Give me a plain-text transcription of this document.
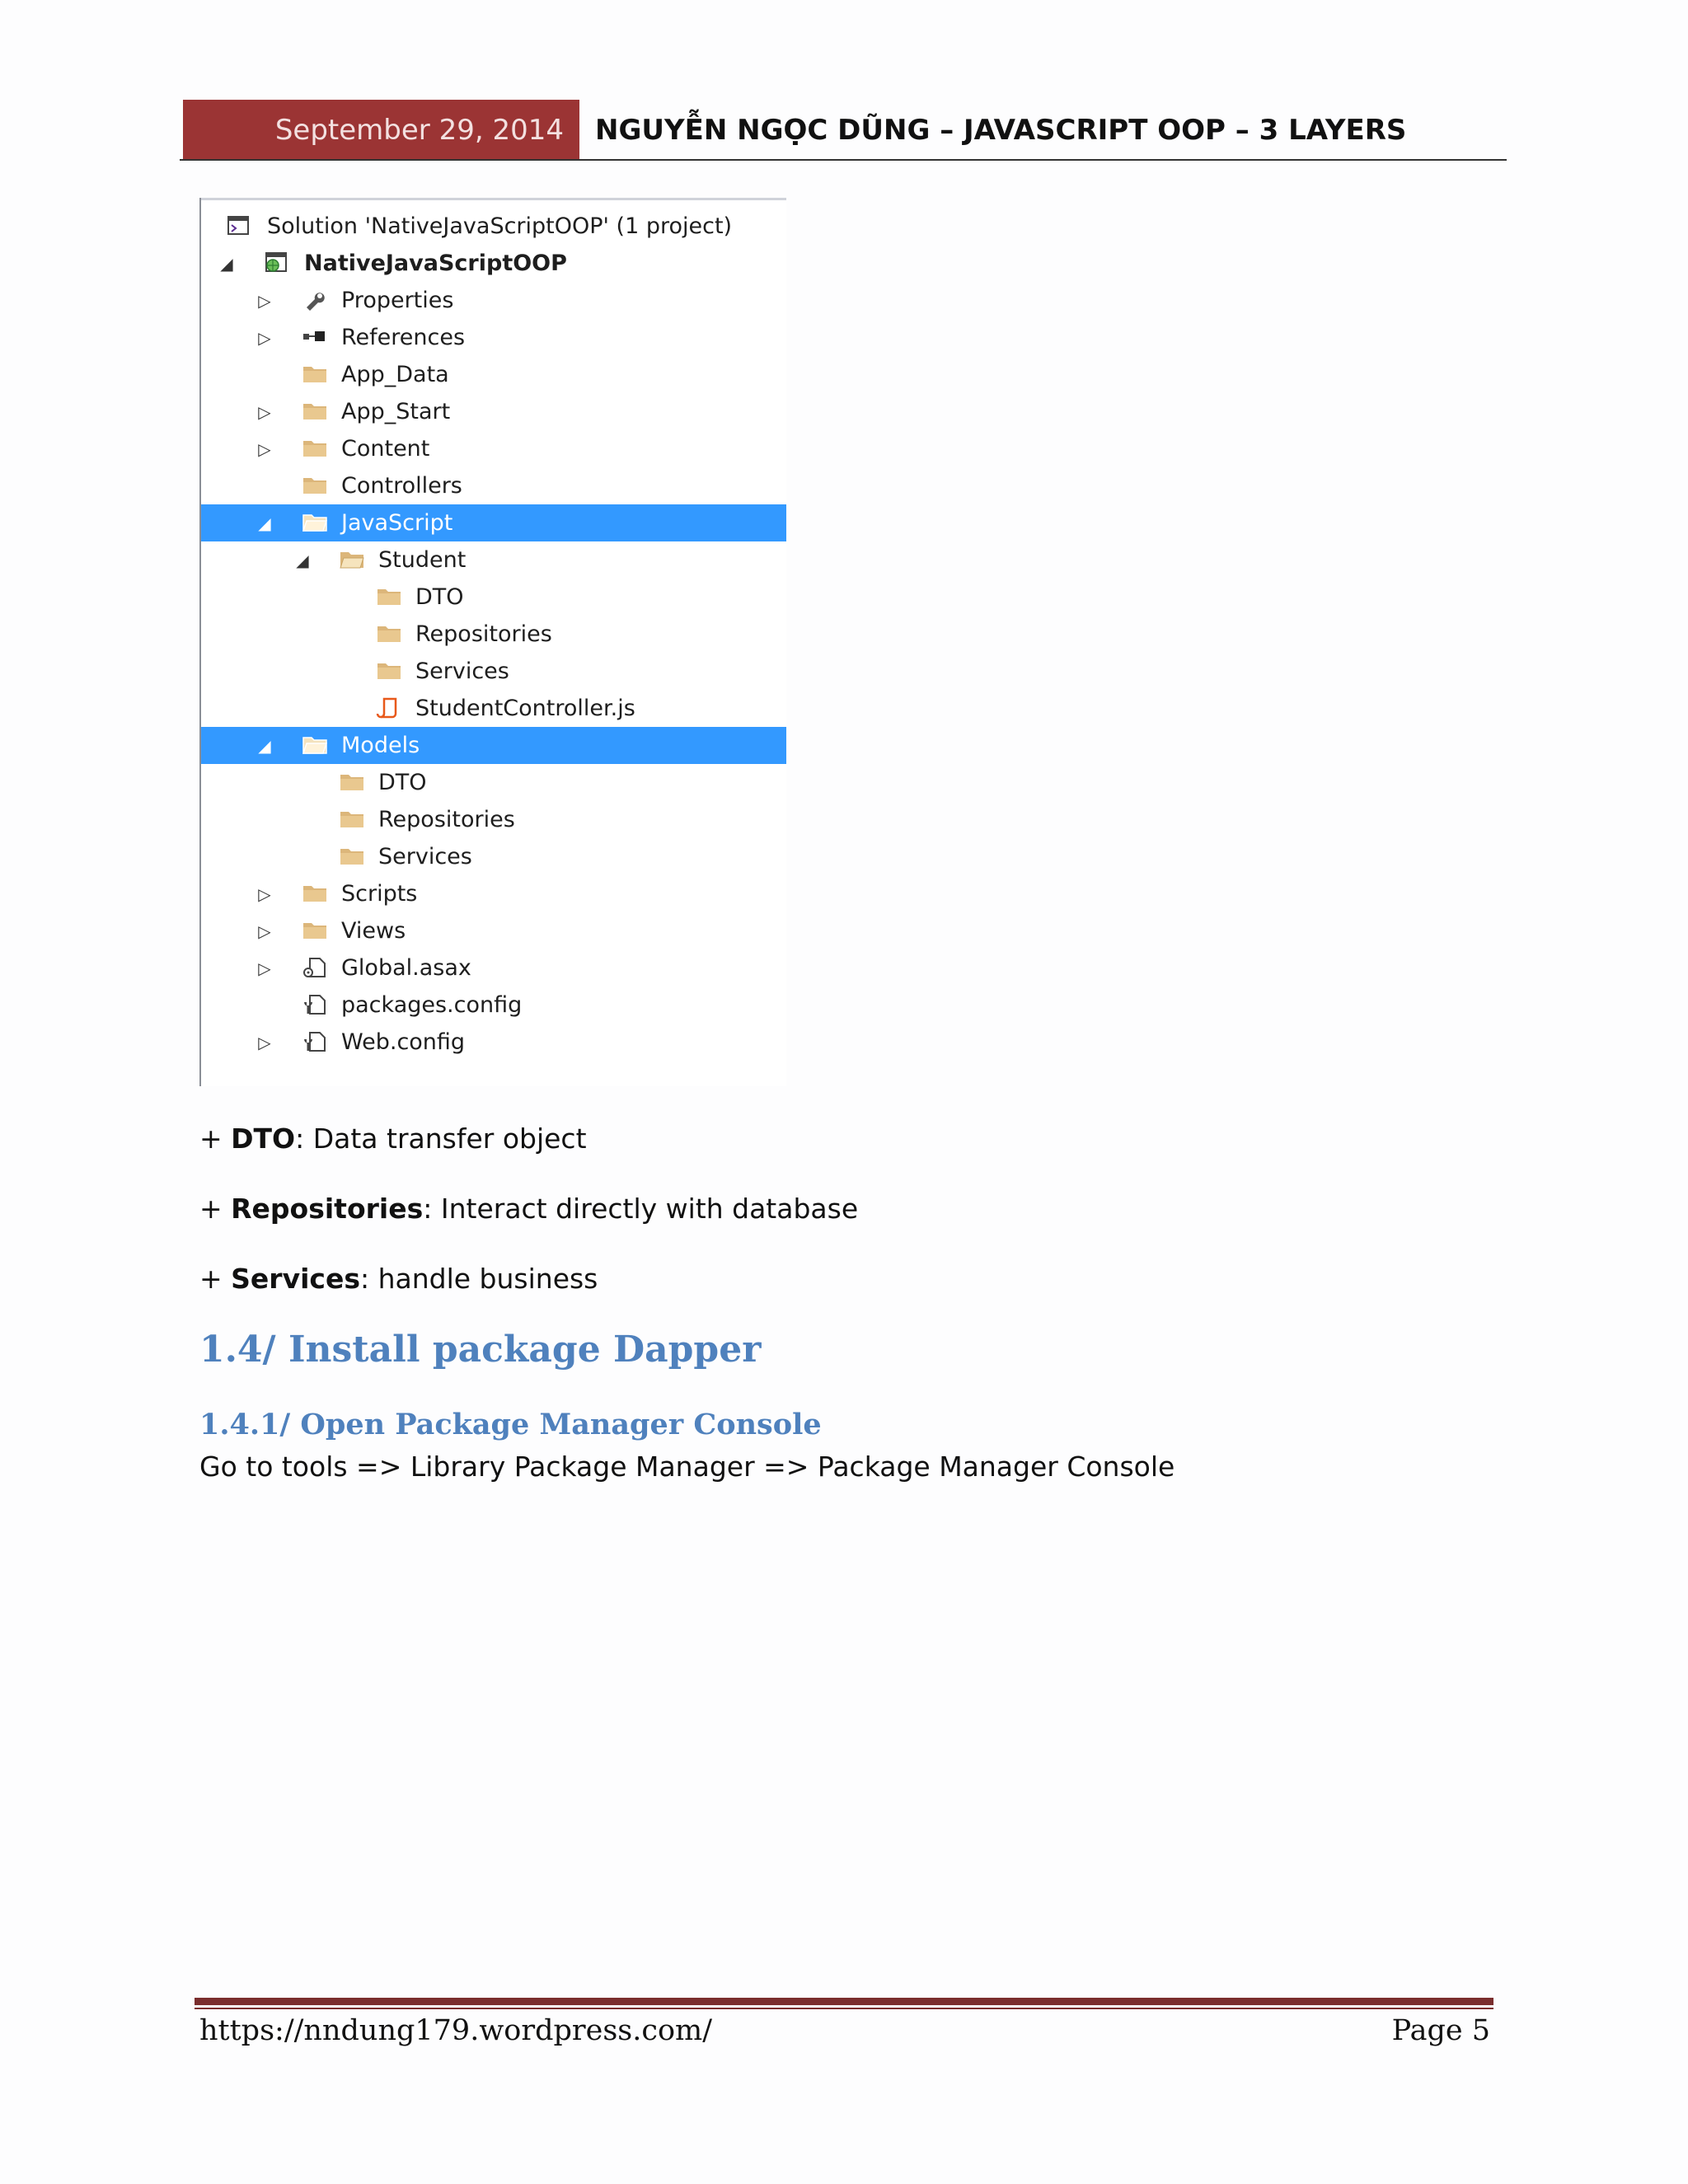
September 29, 2014	NGUYỄN NGỌC DŨNG – JAVASCRIPT OOP – 3 LAYERS
Solution 'NativeJavaScriptOOP' (1 project)
◢	NativeJavaScriptOOP
▷	Properties
▷	References
App_Data
▷	App_Start
▷	Content
Controllers
◢	JavaScript
◢	Student
DTO
Repositories
Services
StudentController.js
◢	Models
DTO
Repositories
Services
▷	Scripts
▷	Views
▷	Global.asax
packages.config
▷	Web.config
+ DTO: Data transfer object
+ Repositories: Interact directly with database
+ Services: handle business
1.4/ Install package Dapper
1.4.1/ Open Package Manager Console
Go to tools => Library Package Manager => Package Manager Console
https://nndung179.wordpress.com/	Page 5
